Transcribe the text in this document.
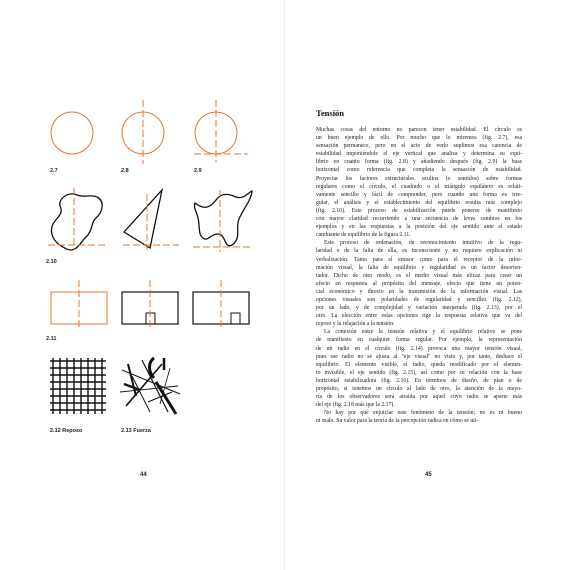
2.7	2.8	2.9
2.10
2.11
2.12 Reposo	2.13 Fuerza
44	45
Tensión
Muchas cosas del entorno no parecen tener estabilidad. El círculo es
un buen ejemplo de ello. Por mucho que lo miremos (fig. 2.7), esa
sensación permanece, pero en el acto de verlo suplimos esa carencia de
estabilidad imponiéndole el eje vertical que analiza y determina su equi-
librio en cuanto forma (fig. 2.8) y añadiendo después (fig. 2.9) la base
horizontal como referencia que completa la sensación de estabilidad.
Proyectar los factores estructurales ocultos (o sentidos) sobre formas
regulares como el círculo, el cuadrado o el triángulo equilátero es relati-
vamente sencillo y fácil de comprender, pero cuando una forma es irre-
gular, el análisis y el establecimiento del equilibrio resulta más complejo
(fig. 2.10). Este proceso de estabilización puede ponerse de manifiesto
con mayor claridad recurriendo a una secuencia de leves cambios en los
ejemplos y en las respuestas a la posición del eje sentido ante el estado
cambiante de equilibrio de la figura 2.11.
Este proceso de ordenación, de reconocimiento intuitivo de la regu-
laridad o de la falta de ella, es inconsciente y no requiere explicación ni
verbalización. Tanto para el emisor como para el receptor de la infor-
mación visual, la falta de equilibrio y regularidad es un factor desorien-
tador. Dicho de otro modo, es el medio visual más eficaz para crear un
efecto en respuesta al propósito del mensaje, efecto que tiene un poten-
cial económico y directo en la transmisión de la información visual. Las
opciones visuales son polaridades de regularidad y sencillez (fig. 2.12),
por un lado, y de complejidad y variación inesperada (fig. 2.13), por el
otro. La elección entre estas opciones rige la respuesta relativa que va del
reposo y la relajación a la tensión.
La conexión entre la tensión relativa y el equilibrio relativo se pone
de manifiesto en cualquier forma regular. Por ejemplo, la representación
de un radio en el círculo (fig. 2.14) provoca una mayor tensión visual,
pues ese radio no se ajusta al "eje visual" no visto y, por tanto, deshace el
equilibrio. El elemento visible, el radio, queda modificado por el elemen-
to invisible, el eje sentido (fig. 2.15), así como por su relación con la base
horizontal estabilizadora (fig. 2.16). En términos de diseño, de plan o de
propósito, si tenemos un círculo al lado de otro, la atención de la mayo-
ría de los observadores será atraída por aquel cuyo radio se aparte más
del eje (fig. 2.18 más que la 2.17).
No hay por qué enjuiciar este fenómeno de la tensión; no es ni bueno
ni malo. Su valor para la teoría de la percepción radica en cómo se uti-
